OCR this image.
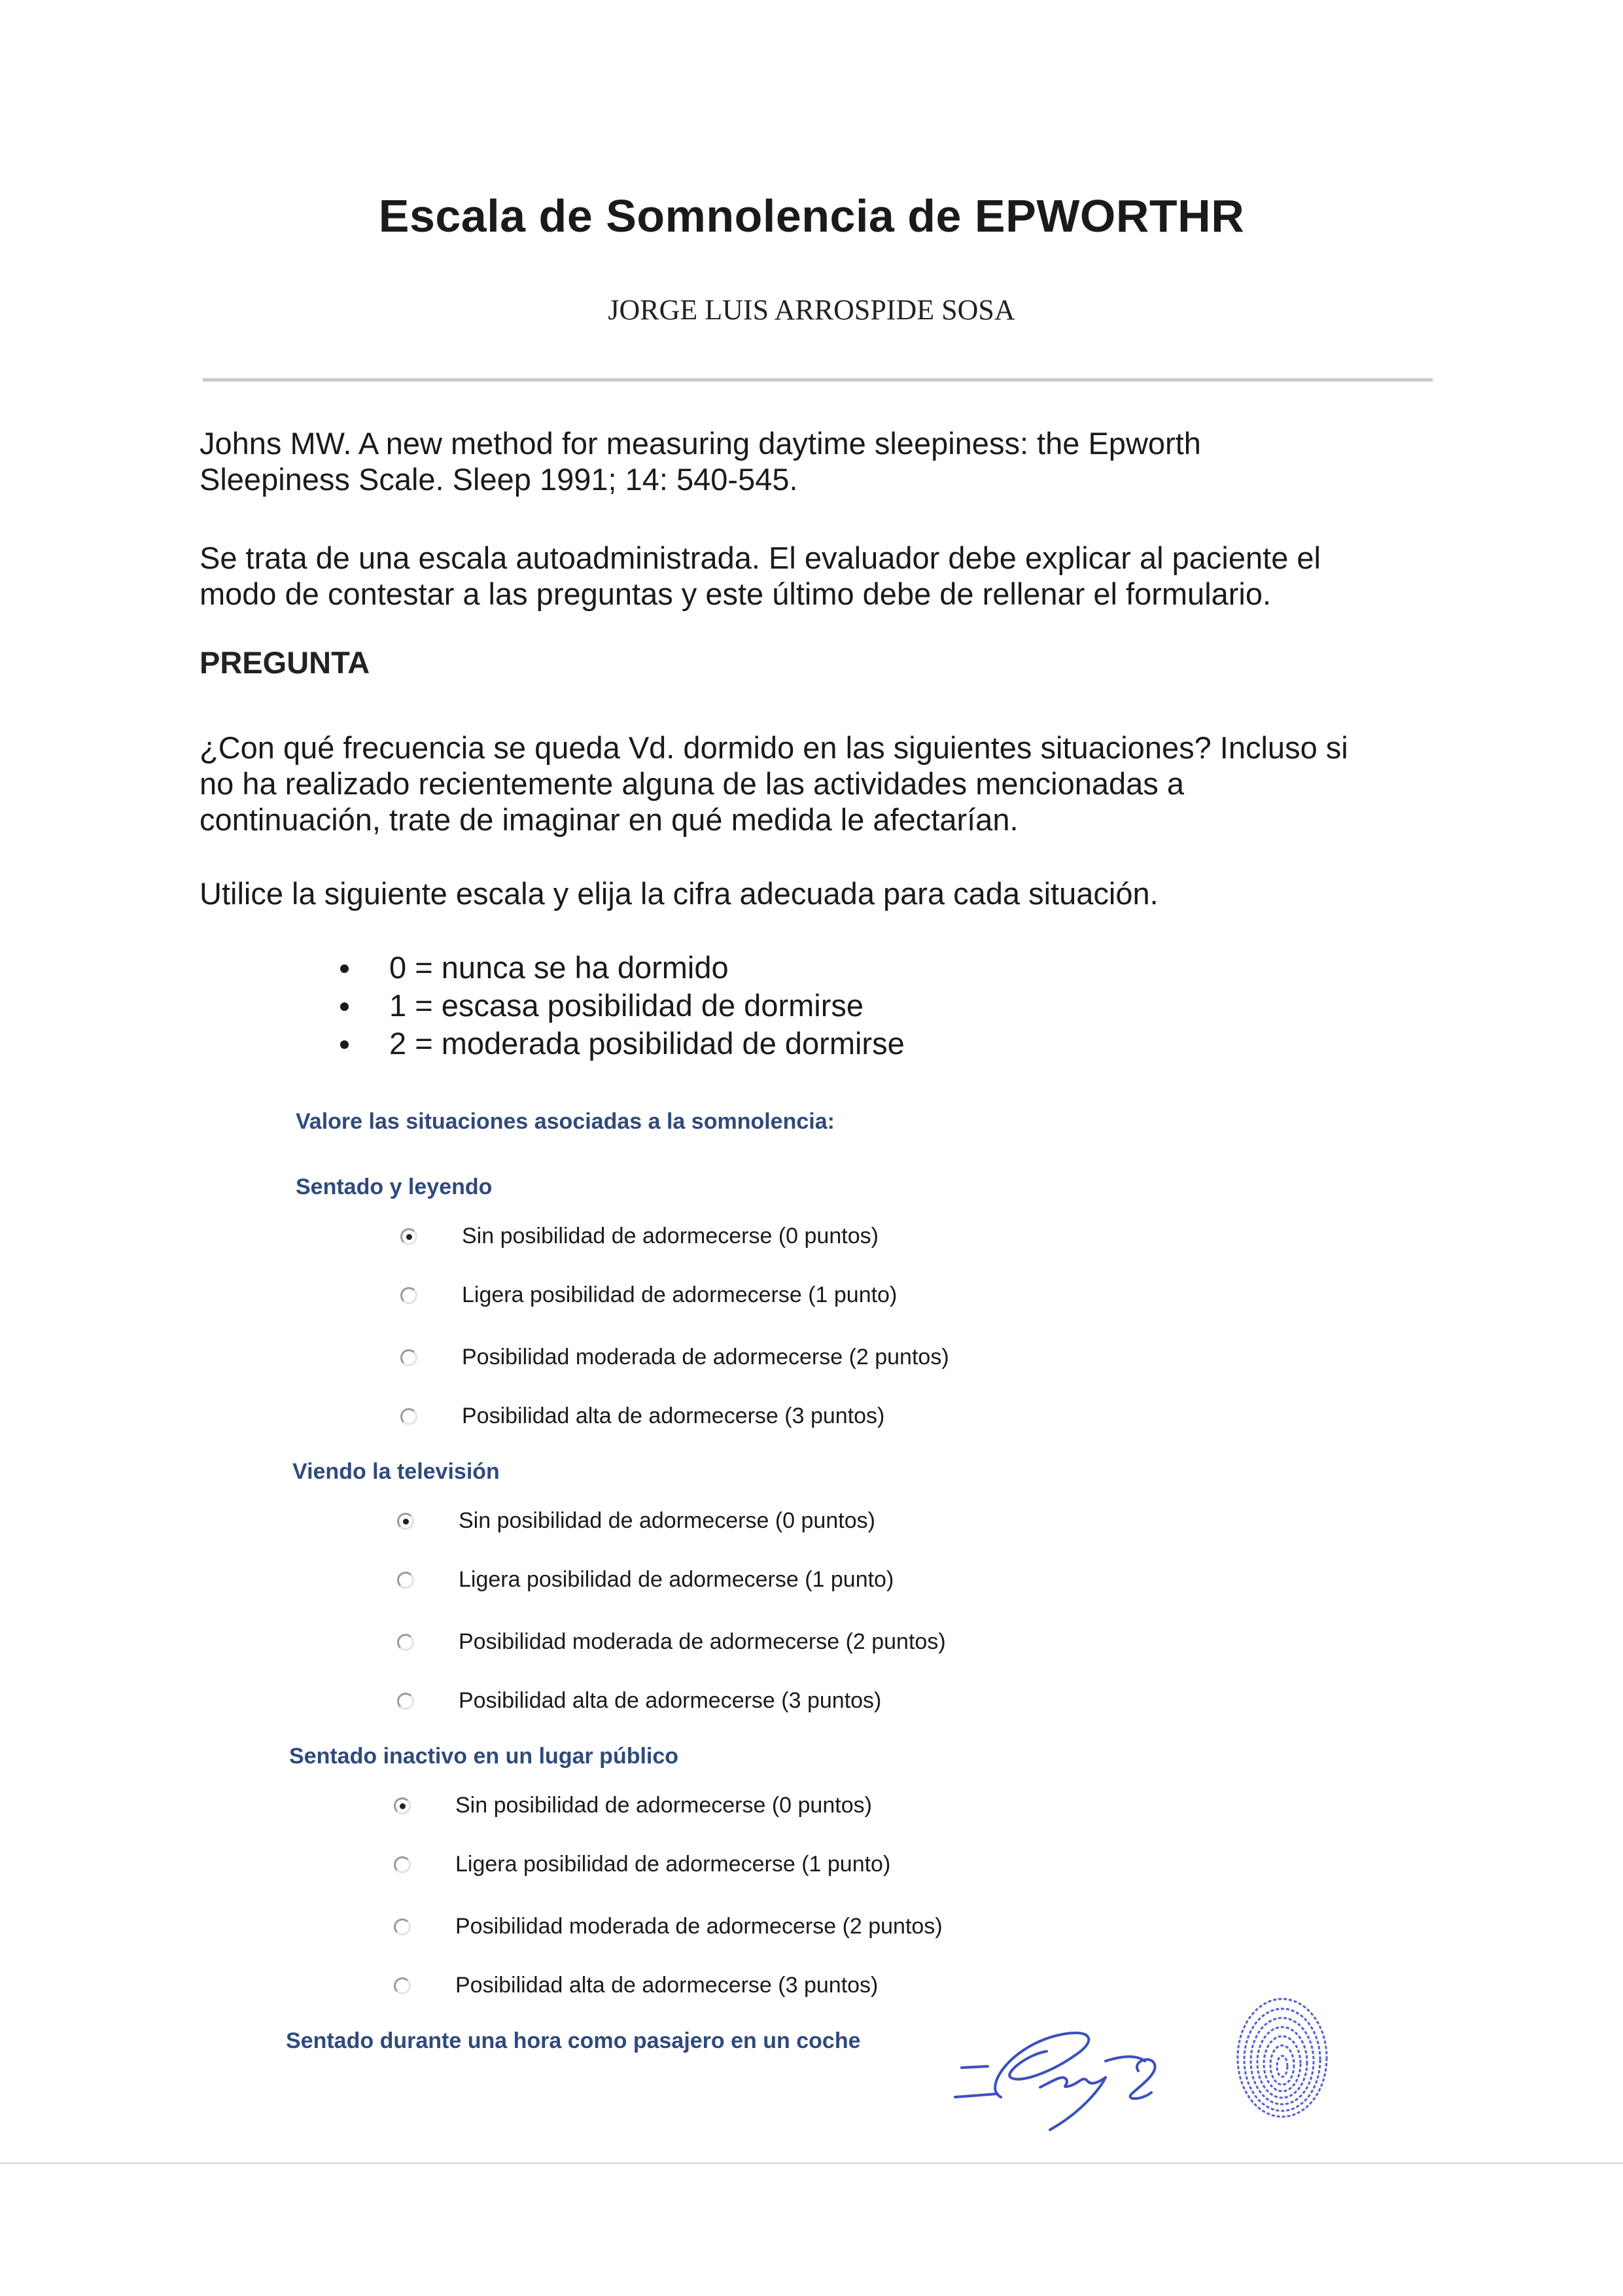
Escala de Somnolencia de EPWORTHR
JORGE LUIS ARROSPIDE SOSA
Johns MW. A new method for measuring daytime sleepiness: the Epworth
Sleepiness Scale. Sleep 1991; 14: 540-545.
Se trata de una escala autoadministrada. El evaluador debe explicar al paciente el
modo de contestar a las preguntas y este último debe de rellenar el formulario.
PREGUNTA
¿Con qué frecuencia se queda Vd. dormido en las siguientes situaciones? Incluso si
no ha realizado recientemente alguna de las actividades mencionadas a
continuación, trate de imaginar en qué medida le afectarían.
Utilice la siguiente escala y elija la cifra adecuada para cada situación.
0 = nunca se ha dormido
1 = escasa posibilidad de dormirse
2 = moderada posibilidad de dormirse
Valore las situaciones asociadas a la somnolencia:
Sentado y leyendo
Sin posibilidad de adormecerse (0 puntos)
Ligera posibilidad de adormecerse (1 punto)
Posibilidad moderada de adormecerse (2 puntos)
Posibilidad alta de adormecerse (3 puntos)
Viendo la televisión
Sin posibilidad de adormecerse (0 puntos)
Ligera posibilidad de adormecerse (1 punto)
Posibilidad moderada de adormecerse (2 puntos)
Posibilidad alta de adormecerse (3 puntos)
Sentado inactivo en un lugar público
Sin posibilidad de adormecerse (0 puntos)
Ligera posibilidad de adormecerse (1 punto)
Posibilidad moderada de adormecerse (2 puntos)
Posibilidad alta de adormecerse (3 puntos)
Sentado durante una hora como pasajero en un coche
